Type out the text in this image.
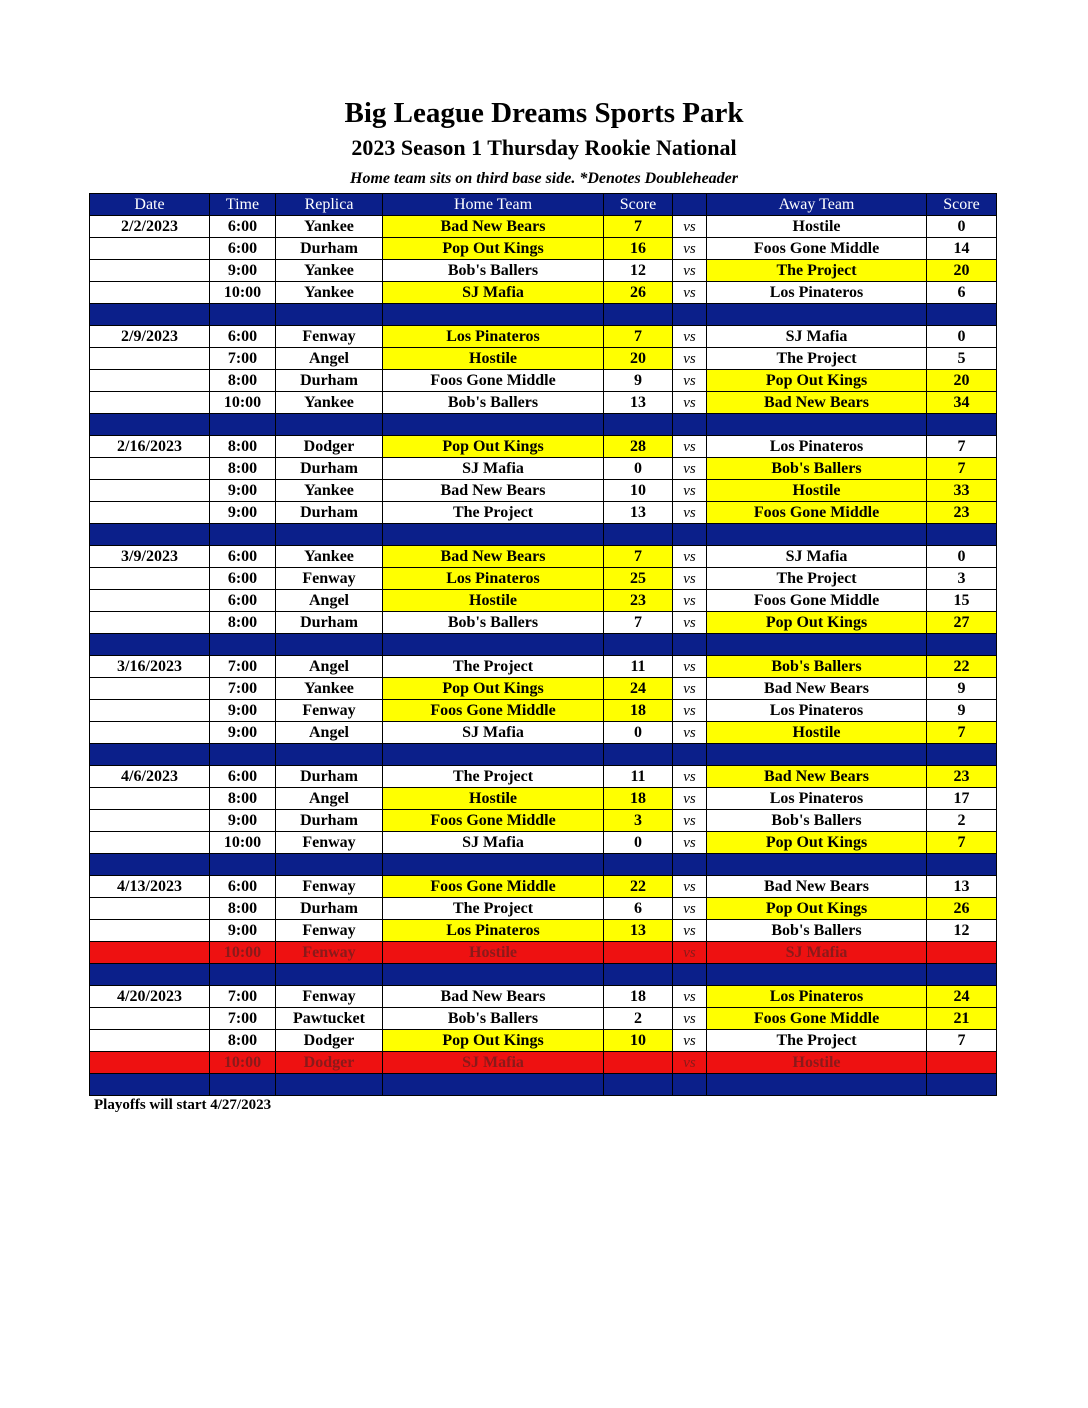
Big League Dreams Sports Park
2023 Season 1 Thursday Rookie National
Home team sits on third base side. *Denotes Doubleheader
Date	Time	Replica	Home Team	Score		Away Team	Score
2/2/2023	6:00	Yankee	Bad New Bears	7	vs	Hostile	0
	6:00	Durham	Pop Out Kings	16	vs	Foos Gone Middle	14
	9:00	Yankee	Bob's Ballers	12	vs	The Project	20
	10:00	Yankee	SJ Mafia	26	vs	Los Pinateros	6

2/9/2023	6:00	Fenway	Los Pinateros	7	vs	SJ Mafia	0
	7:00	Angel	Hostile	20	vs	The Project	5
	8:00	Durham	Foos Gone Middle	9	vs	Pop Out Kings	20
	10:00	Yankee	Bob's Ballers	13	vs	Bad New Bears	34

2/16/2023	8:00	Dodger	Pop Out Kings	28	vs	Los Pinateros	7
	8:00	Durham	SJ Mafia	0	vs	Bob's Ballers	7
	9:00	Yankee	Bad New Bears	10	vs	Hostile	33
	9:00	Durham	The Project	13	vs	Foos Gone Middle	23

3/9/2023	6:00	Yankee	Bad New Bears	7	vs	SJ Mafia	0
	6:00	Fenway	Los Pinateros	25	vs	The Project	3
	6:00	Angel	Hostile	23	vs	Foos Gone Middle	15
	8:00	Durham	Bob's Ballers	7	vs	Pop Out Kings	27

3/16/2023	7:00	Angel	The Project	11	vs	Bob's Ballers	22
	7:00	Yankee	Pop Out Kings	24	vs	Bad New Bears	9
	9:00	Fenway	Foos Gone Middle	18	vs	Los Pinateros	9
	9:00	Angel	SJ Mafia	0	vs	Hostile	7

4/6/2023	6:00	Durham	The Project	11	vs	Bad New Bears	23
	8:00	Angel	Hostile	18	vs	Los Pinateros	17
	9:00	Durham	Foos Gone Middle	3	vs	Bob's Ballers	2
	10:00	Fenway	SJ Mafia	0	vs	Pop Out Kings	7

4/13/2023	6:00	Fenway	Foos Gone Middle	22	vs	Bad New Bears	13
	8:00	Durham	The Project	6	vs	Pop Out Kings	26
	9:00	Fenway	Los Pinateros	13	vs	Bob's Ballers	12
	10:00	Fenway	Hostile		vs	SJ Mafia	

4/20/2023	7:00	Fenway	Bad New Bears	18	vs	Los Pinateros	24
	7:00	Pawtucket	Bob's Ballers	2	vs	Foos Gone Middle	21
	8:00	Dodger	Pop Out Kings	10	vs	The Project	7
	10:00	Dodger	SJ Mafia		vs	Hostile	

Playoffs will start 4/27/2023
